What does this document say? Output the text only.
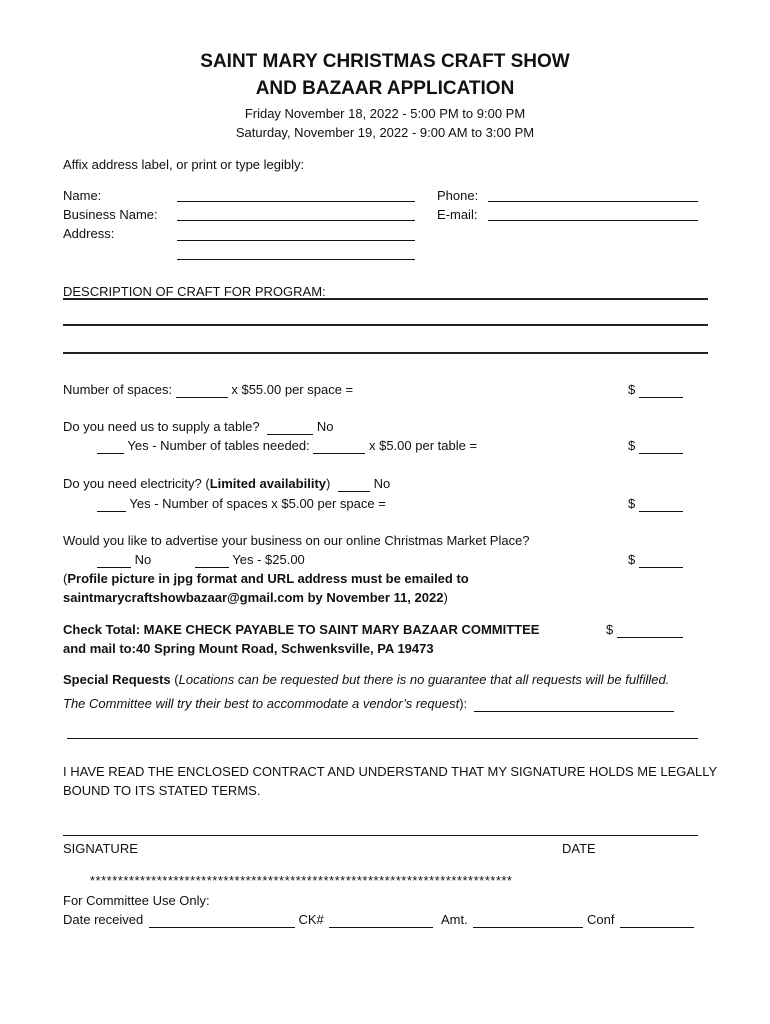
SAINT MARY CHRISTMAS CRAFT SHOW
AND BAZAAR APPLICATION
Friday November 18, 2022 - 5:00 PM to 9:00 PM
Saturday, November 19, 2022 - 9:00 AM to 3:00 PM
Affix address label, or print or type legibly:
Name:
Business Name:
Address:
Phone:
E-mail:
DESCRIPTION OF CRAFT FOR PROGRAM:
Number of spaces:	x $55.00 per space =	$
Do you need us to supply a table?	No
Yes - Number of tables needed:	x $5.00 per table =	$
Do you need electricity? (Limited availability)	No
Yes - Number of spaces x $5.00 per space =	$
Would you like to advertise your business on our online Christmas Market Place?
No	Yes - $25.00	$
(Profile picture in jpg format and URL address must be emailed to
saintmarycraftshowbazaar@gmail.com by November 11, 2022)
Check Total: MAKE CHECK PAYABLE TO SAINT MARY BAZAAR COMMITTEE
and mail to:40 Spring Mount Road, Schwenksville, PA 19473
$
Special Requests (Locations can be requested but there is no guarantee that all requests will be fulfilled.
The Committee will try their best to accommodate a vendor’s request):
I HAVE READ THE ENCLOSED CONTRACT AND UNDERSTAND THAT MY SIGNATURE HOLDS ME LEGALLY
BOUND TO ITS STATED TERMS.
SIGNATURE	DATE
****************************************************************************
For Committee Use Only:
Date received	CK#	Amt.	Conf
